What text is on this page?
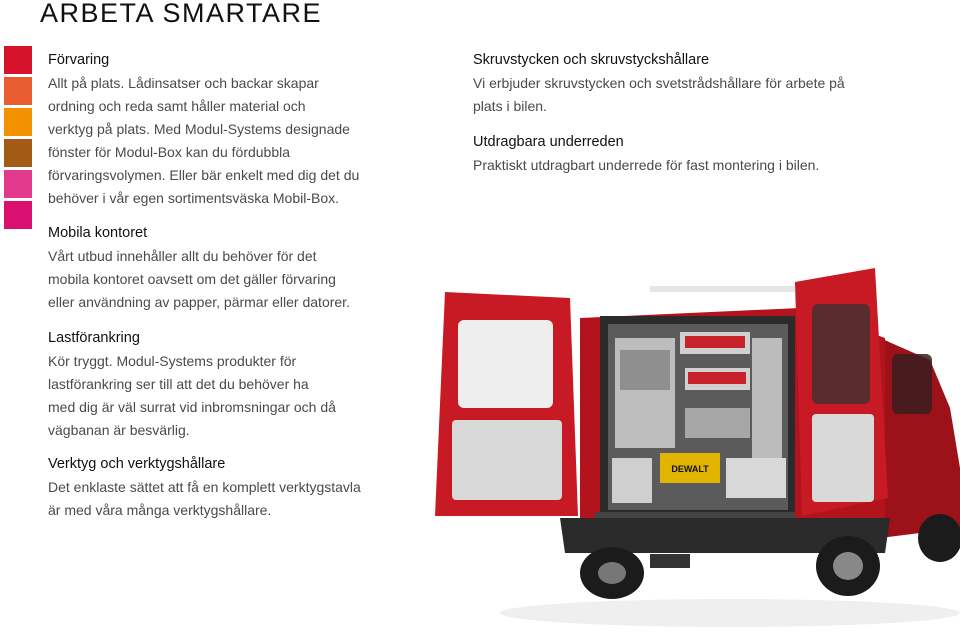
ARBETA SMARTARE
Förvaring

Allt på plats. Lådinsatser och backar skapar

ordning och reda samt håller material och

verktyg på plats. Med Modul-Systems designade

fönster för Modul-Box kan du fördubbla

förvaringsvolymen. Eller bär enkelt med dig det du

behöver i vår egen sortimentsväska Mobil-Box.

Mobila kontoret

Vårt utbud innehåller allt du behöver för det

mobila kontoret oavsett om det gäller förvaring

eller användning av papper, pärmar eller datorer.

Lastförankring

Kör tryggt. Modul-Systems produkter för

lastförankring ser till att det du behöver ha

med dig är väl surrat vid inbromsningar och då

vägbanan är besvärlig.

Verktyg och verktygshållare

Det enklaste sättet att få en komplett verktygstavla

är med våra många verktygshållare.

Skruvstycken och skruvstyckshållare

Vi erbjuder skruvstycken och svetstrådshållare för arbete på

plats i bilen.

Utdragbara underreden

Praktiskt utdragbart underrede för fast montering i bilen.

DEWALT
